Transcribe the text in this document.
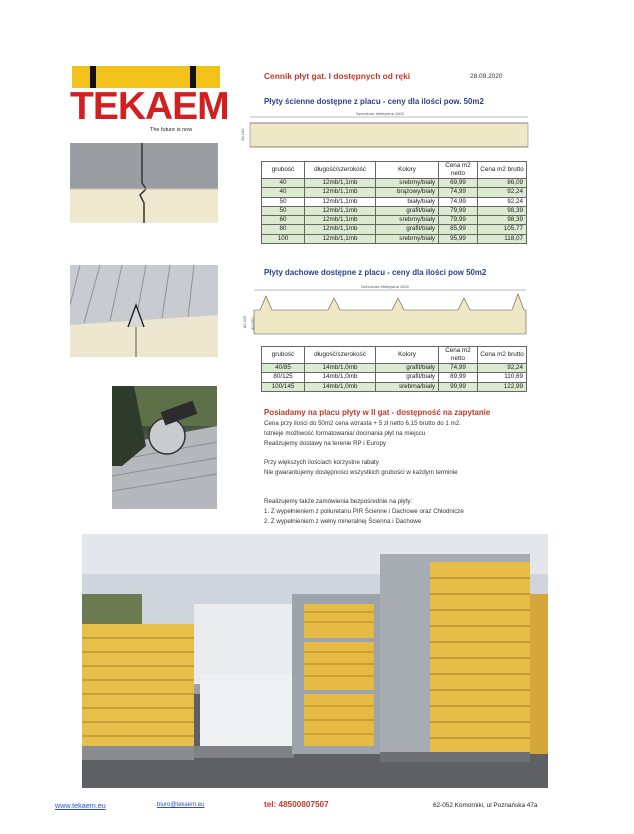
TEKAEM
The future is now
Cennik płyt gat. I dostępnych od ręki	28.09.2020
Płyty ścienne dostępne z placu - ceny dla ilości pow. 50m2
Szerokość efektywna 1000
40-100
grubość	długość/szerokość	Kolory	Cena m2 netto	Cena m2 brutto
40	12mb/1,1mb	srebrny/biały	69,99	86,09
40	12mb/1,1mb	brązowy/biały	74,99	92,24
50	12mb/1,1mb	biały/biały	74,99	92,24
50	12mb/1,1mb	grafit/biały	79,99	98,39
60	12mb/1,1mb	srebrny/biały	79,99	98,39
80	12mb/1,1mb	grafit/biały	85,99	105,77
100	12mb/1,1mb	srebrny/biały	95,99	118,07
Płyty dachowe dostępne z placu - ceny dla ilości pow 50m2
Szerokość efektywna 1000
80-205 40-160
grubość	długość/szerokość	Kolory	Cena m2 netto	Cena m2 brutto
40/85	14mb/1,0mb	grafit/biały	74,99	92,24
80/125	14mb/1,0mb	grafit/biały	89,99	110,69
100/145	14mb/1,0mb	srebrna/biały	99,99	122,99
Posiadamy na placu płyty w II gat - dostępność na zapytanie
Cena przy ilości do 50m2 cena wzrasta + 5 zł netto 6,15 brutto do 1 m2.
Istnieje możliwość formatowania/ docinania płyt na miejscu
Realizujemy dostawy na terenie RP i Europy
Przy większych ilościach korzystne rabaty
Nie gwarantujemy dostępności wszystkich grubości w każdym terminie
Realizujemy także zamówienia bezpośrednie na płyty:
1. Z wypełnieniem z poliuretanu PIR Ścienne i Dachowe oraz Chłodnicze
2. Z wypełnieniem z wełny mineralnej Ścienna i Dachowe
www.tekaem.eu	biuro@tekaem.eu	tel: 48500807507	62-052 Komorniki, ul Poznańska 47a
